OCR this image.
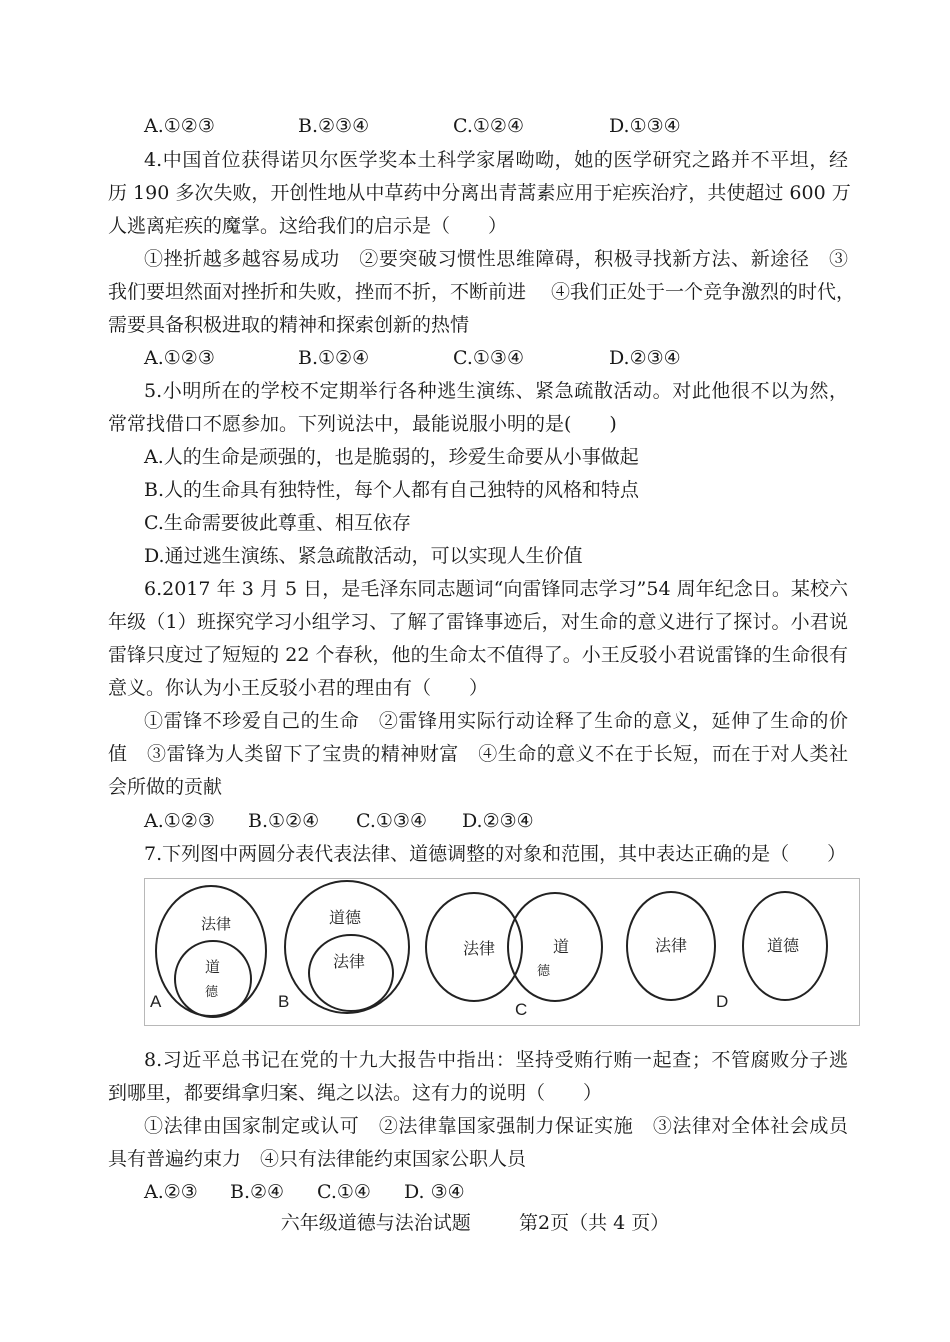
A.①②③	B.②③④	C.①②④	D.①③④
4.中国首位获得诺贝尔医学奖本土科学家屠呦呦，她的医学研究之路并不平坦，经
历 190 多次失败，开创性地从中草药中分离出青蒿素应用于疟疾治疗，共使超过 600 万
人逃离疟疾的魔掌。这给我们的启示是（　　）
①挫折越多越容易成功　②要突破习惯性思维障碍，积极寻找新方法、新途径　③
我们要坦然面对挫折和失败，挫而不折，不断前进　 ④我们正处于一个竞争激烈的时代，
需要具备积极进取的精神和探索创新的热情
A.①②③	B.①②④	C.①③④	D.②③④
5.小明所在的学校不定期举行各种逃生演练、紧急疏散活动。对此他很不以为然，
常常找借口不愿参加。下列说法中，最能说服小明的是(　　)
A.人的生命是顽强的，也是脆弱的，珍爱生命要从小事做起
B.人的生命具有独特性，每个人都有自己独特的风格和特点
C.生命需要彼此尊重、相互依存
D.通过逃生演练、紧急疏散活动，可以实现人生价值
6.2017 年 3 月 5 日，是毛泽东同志题词“向雷锋同志学习”54 周年纪念日。某校六
年级（1）班探究学习小组学习、了解了雷锋事迹后，对生命的意义进行了探讨。小君说
雷锋只度过了短短的 22 个春秋，他的生命太不值得了。小王反驳小君说雷锋的生命很有
意义。你认为小王反驳小君的理由有（　　）
①雷锋不珍爱自己的生命　②雷锋用实际行动诠释了生命的意义，延伸了生命的价
值　③雷锋为人类留下了宝贵的精神财富　④生命的意义不在于长短，而在于对人类社
会所做的贡献
A.①②③ B.①②④ C.①③④ D.②③④
7.下列图中两圆分表代表法律、道德调整的对象和范围，其中表达正确的是（　　）
法律
道
德
A
道德
法律
B
法律	道
德
C
法律	道德
D
8.习近平总书记在党的十九大报告中指出：坚持受贿行贿一起查；不管腐败分子逃
到哪里，都要缉拿归案、绳之以法。这有力的说明（　　）
①法律由国家制定或认可　②法律靠国家强制力保证实施　③法律对全体社会成员
具有普遍约束力　④只有法律能约束国家公职人员
A.②③ B.②④ C.①④ D. ③④
六年级道德与法治试题	第2页（共 4 页）
